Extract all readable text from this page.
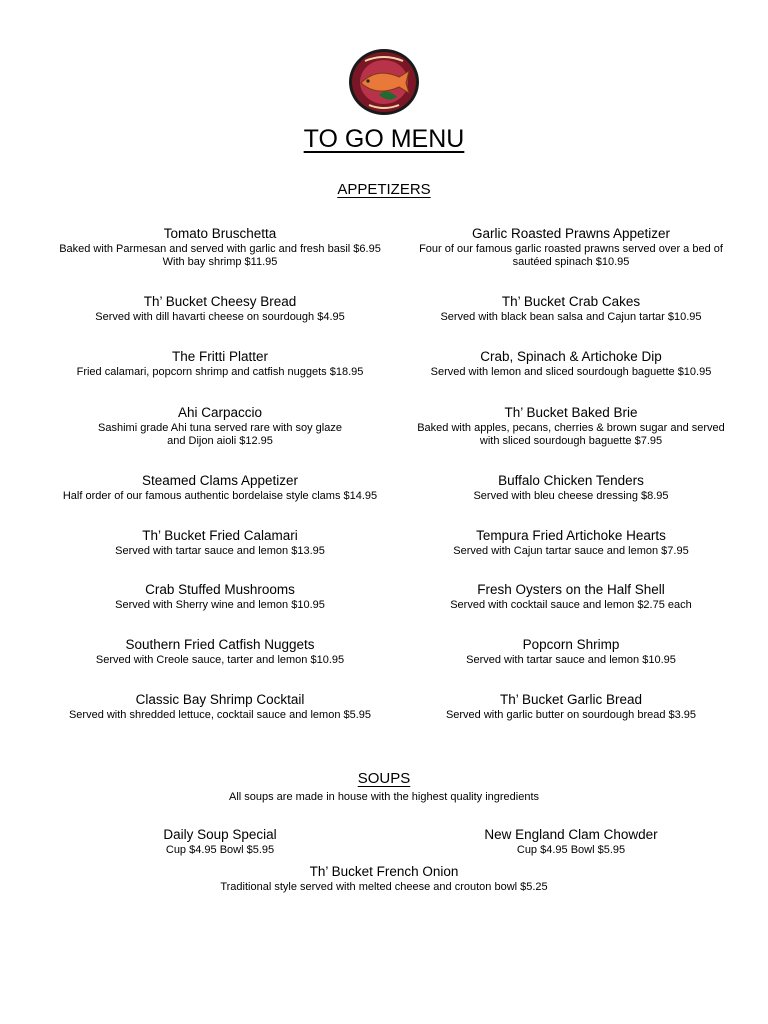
TO GO MENU
APPETIZERS
Tomato Bruschetta
Baked with Parmesan and served with garlic and fresh basil $6.95
With bay shrimp $11.95
Th’ Bucket Cheesy Bread
Served with dill havarti cheese on sourdough $4.95
The Fritti Platter
Fried calamari, popcorn shrimp and catfish nuggets $18.95
Ahi Carpaccio
Sashimi grade Ahi tuna served rare with soy glaze
and Dijon aioli $12.95
Steamed Clams Appetizer
Half order of our famous authentic bordelaise style clams $14.95
Th’ Bucket Fried Calamari
Served with tartar sauce and lemon $13.95
Crab Stuffed Mushrooms
Served with Sherry wine and lemon $10.95
Southern Fried Catfish Nuggets
Served with Creole sauce, tarter and lemon $10.95
Classic Bay Shrimp Cocktail
Served with shredded lettuce, cocktail sauce and lemon $5.95
Garlic Roasted Prawns Appetizer
Four of our famous garlic roasted prawns served over a bed of
sautéed spinach $10.95
Th’ Bucket Crab Cakes
Served with black bean salsa and Cajun tartar $10.95
Crab, Spinach & Artichoke Dip
Served with lemon and sliced sourdough baguette $10.95
Th’ Bucket Baked Brie
Baked with apples, pecans, cherries & brown sugar and served
with sliced sourdough baguette $7.95
Buffalo Chicken Tenders
Served with bleu cheese dressing $8.95
Tempura Fried Artichoke Hearts
Served with Cajun tartar sauce and lemon $7.95
Fresh Oysters on the Half Shell
Served with cocktail sauce and lemon $2.75 each
Popcorn Shrimp
Served with tartar sauce and lemon $10.95
Th’ Bucket Garlic Bread
Served with garlic butter on sourdough bread $3.95
SOUPS
All soups are made in house with the highest quality ingredients
Daily Soup Special
Cup $4.95 Bowl $5.95
New England Clam Chowder
Cup $4.95 Bowl $5.95
Th’ Bucket French Onion
Traditional style served with melted cheese and crouton bowl $5.25
